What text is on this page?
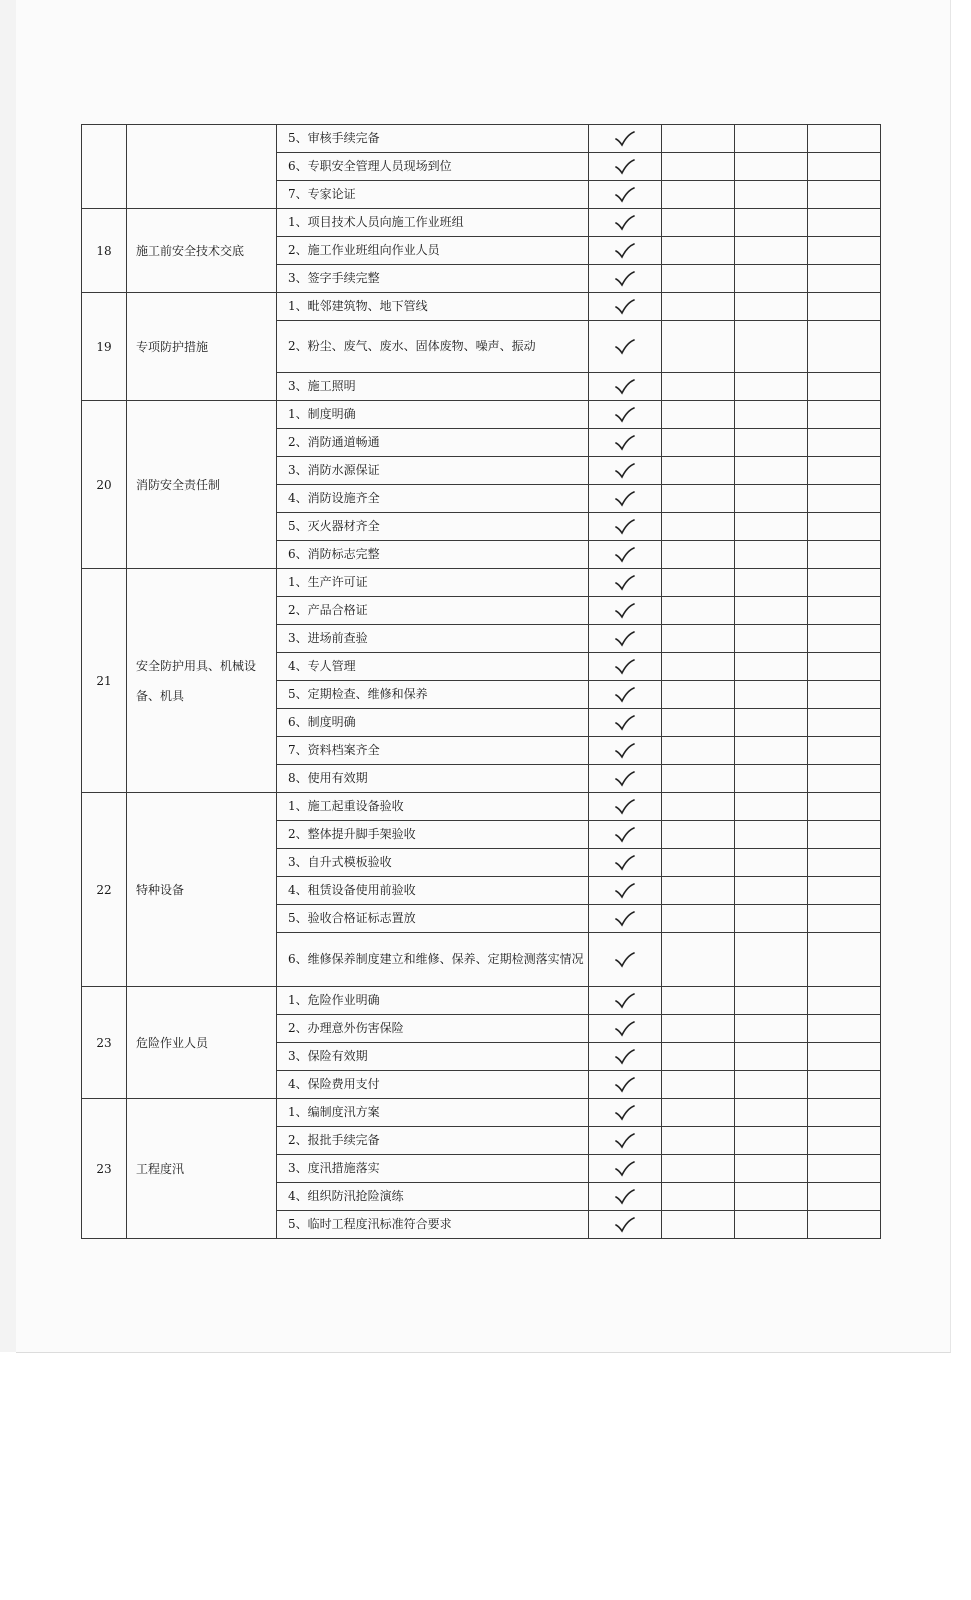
		5、审核手续完备				
		6、专职安全管理人员现场到位				
		7、专家论证				
18	施工前安全技术交底	1、项目技术人员向施工作业班组				
		2、施工作业班组向作业人员				
		3、签字手续完整				
19	专项防护措施	1、毗邻建筑物、地下管线				
		2、粉尘、废气、废水、固体废物、噪声、振动				
		3、施工照明				
20	消防安全责任制	1、制度明确				
		2、消防通道畅通				
		3、消防水源保证				
		4、消防设施齐全				
		5、灭火器材齐全				
		6、消防标志完整				
21	安全防护用具、机械设备、机具	1、生产许可证				
		2、产品合格证				
		3、进场前查验				
		4、专人管理				
		5、定期检查、维修和保养				
		6、制度明确				
		7、资料档案齐全				
		8、使用有效期				
22	特种设备	1、施工起重设备验收				
		2、整体提升脚手架验收				
		3、自升式模板验收				
		4、租赁设备使用前验收				
		5、验收合格证标志置放				
		6、维修保养制度建立和维修、保养、定期检测落实情况				
23	危险作业人员	1、危险作业明确				
		2、办理意外伤害保险				
		3、保险有效期				
		4、保险费用支付				
23	工程度汛	1、编制度汛方案				
		2、报批手续完备				
		3、度汛措施落实				
		4、组织防汛抢险演练				
		5、临时工程度汛标准符合要求				
